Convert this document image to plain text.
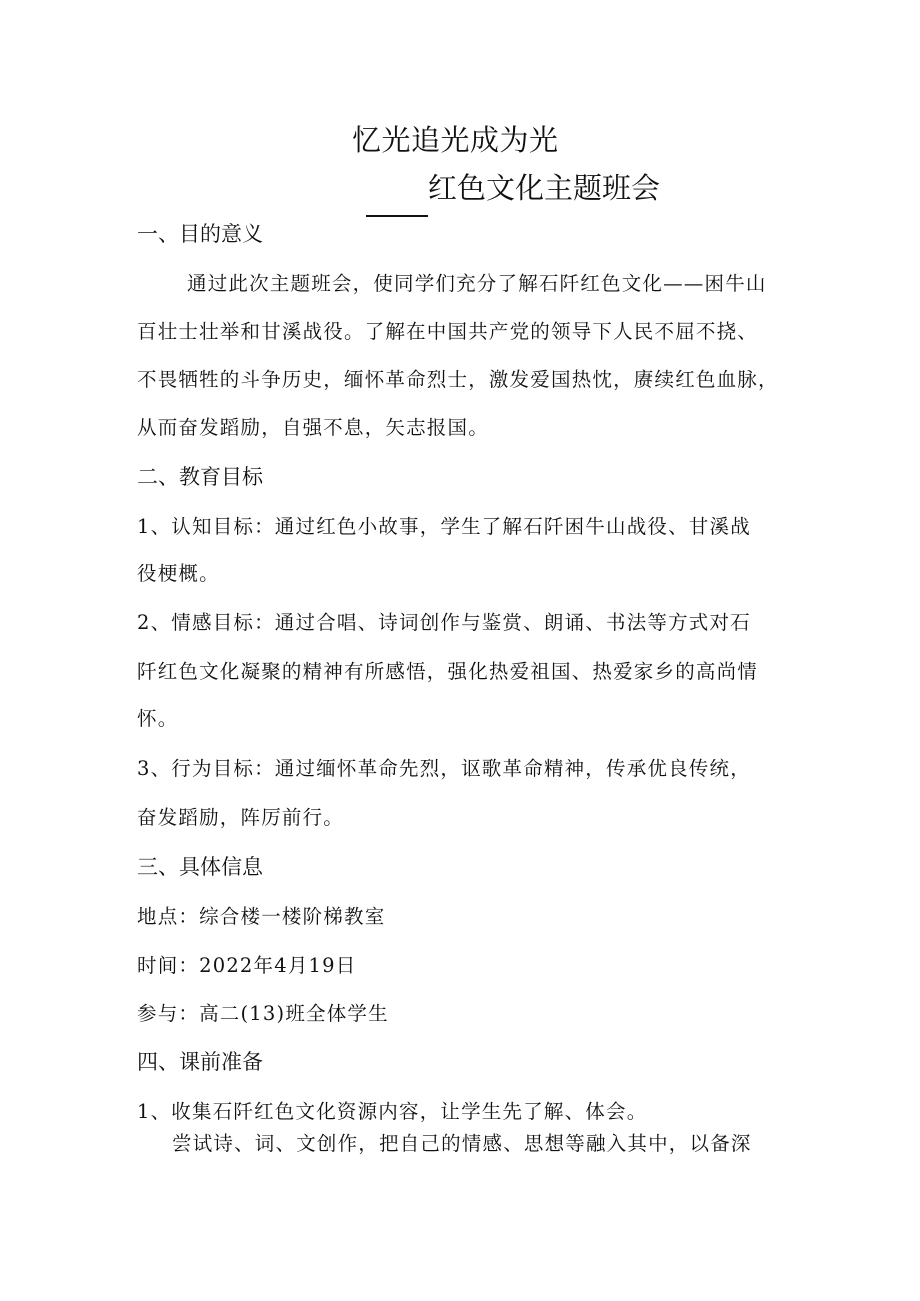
忆光追光成为光
红色文化主题班会
一、目的意义
通过此次主题班会，使同学们充分了解石阡红色文化——困牛山
百壮士壮举和甘溪战役。了解在中国共产党的领导下人民不屈不挠、
不畏牺牲的斗争历史，缅怀革命烈士，激发爱国热忱，赓续红色血脉，
从而奋发蹈励，自强不息，矢志报国。
二、教育目标
1、认知目标：通过红色小故事，学生了解石阡困牛山战役、甘溪战
役梗概。
2、情感目标：通过合唱、诗词创作与鉴赏、朗诵、书法等方式对石
阡红色文化凝聚的精神有所感悟，强化热爱祖国、热爱家乡的高尚情
怀。
3、行为目标：通过缅怀革命先烈，讴歌革命精神，传承优良传统，
奋发蹈励，阵厉前行。
三、具体信息
地点：综合楼一楼阶梯教室
时间：2022年4月19日
参与：高二(13)班全体学生
四、课前准备
1、收集石阡红色文化资源内容，让学生先了解、体会。
尝试诗、词、文创作，把自己的情感、思想等融入其中，以备深
